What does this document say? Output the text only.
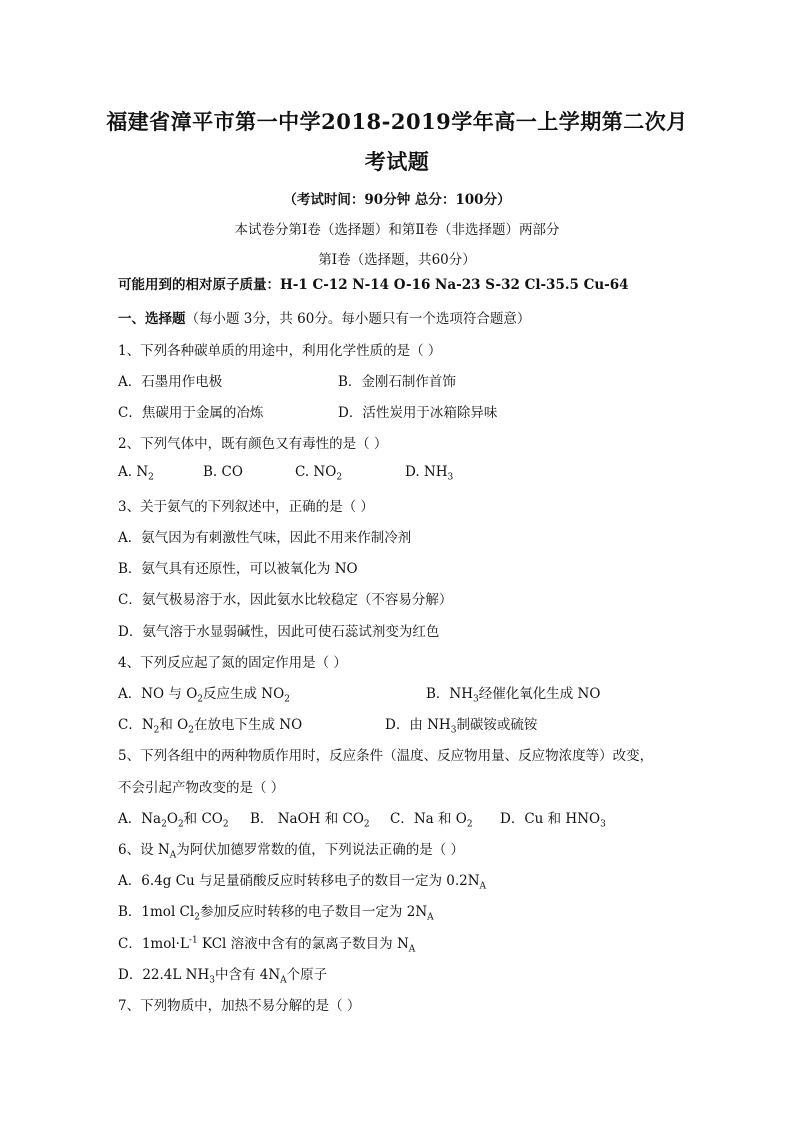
福建省漳平市第一中学2018-2019学年高一上学期第二次月
考试题
（考试时间：90分钟 总分：100分）
本试卷分第Ⅰ卷（选择题）和第Ⅱ卷（非选择题）两部分
第Ⅰ卷（选择题，共60分）
可能用到的相对原子质量：H-1 C-12 N-14 O-16 Na-23 S-32 Cl-35.5 Cu-64
一、选择题（每小题 3分，共 60分。每小题只有一个选项符合题意）
1、下列各种碳单质的用途中，利用化学性质的是（ ）
A．石墨用作电极	B．金刚石制作首饰
C．焦碳用于金属的冶炼	D．活性炭用于冰箱除异味
2、下列气体中，既有颜色又有毒性的是（ ）
A. $N_2$	B. CO	C. $NO_2$	D. $NH_3$
3、关于氨气的下列叙述中，正确的是（ ）
A．氨气因为有刺激性气味，因此不用来作制冷剂
B．氨气具有还原性，可以被氧化为 NO
C．氨气极易溶于水，因此氨水比较稳定（不容易分解）
D．氨气溶于水显弱碱性，因此可使石蕊试剂变为红色
4、下列反应起了氮的固定作用是（ ）
A．NO 与 $O_2$反应生成 $NO_2$	B．$NH_3$经催化氧化生成 NO
C．$N_2$和 $O_2$在放电下生成 NO	D．由 $NH_3$制碳铵或硫铵
5、下列各组中的两种物质作用时，反应条件（温度、反应物用量、反应物浓度等）改变，
不会引起产物改变的是（ ）
A．$Na_2O_2$和 $CO_2$ B． NaOH 和 $CO_2$ C．Na 和 $O_2$ D．Cu 和 $HNO_3$
6、设 $N_A$为阿伏加德罗常数的值，下列说法正确的是（ ）
A．6.4g Cu 与足量硝酸反应时转移电子的数目一定为 $0.2N_A$
B．1mol $Cl_2$参加反应时转移的电子数目一定为 $2N_A$
C．$1mol\cdot L^{-1}$ KCl 溶液中含有的氯离子数目为 $N_A$
D．22.4L $NH_3$中含有 $4N_A$个原子
7、下列物质中，加热不易分解的是（ ）
